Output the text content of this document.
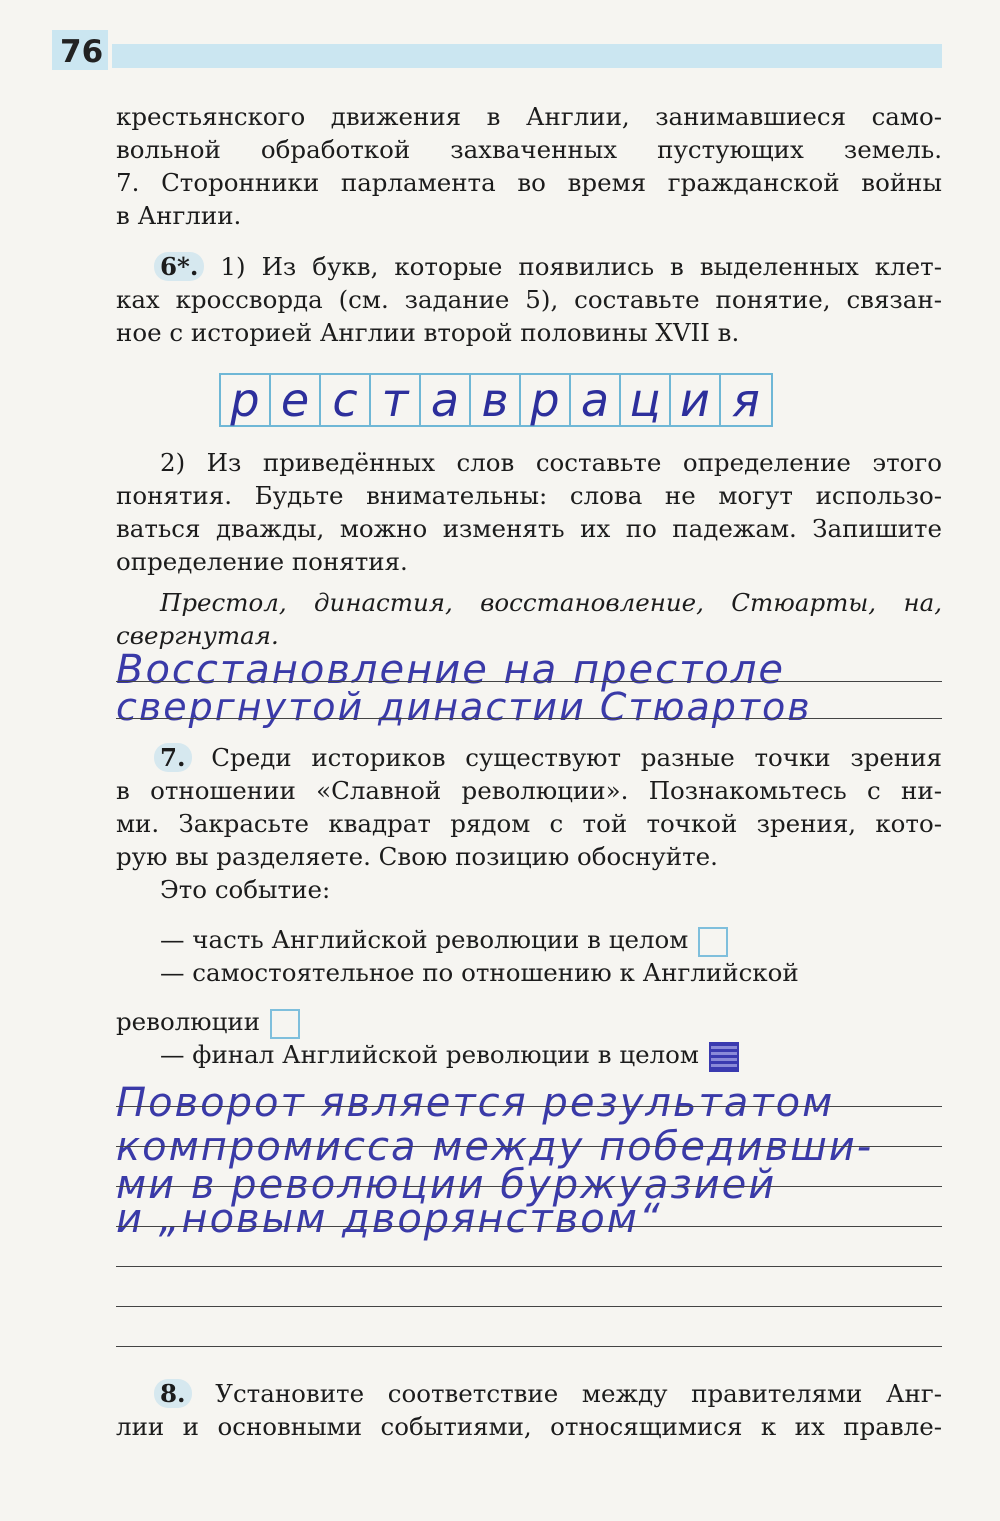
76
крестьянского движения в Англии, занимавшиеся само-
вольной обработкой захваченных пустующих земель.
7. Сторонники парламента во время гражданской войны
в Англии.
6*. 1) Из букв, которые появились в выделенных клет-
ках кроссворда (см. задание 5), составьте понятие, связан-
ное с историей Англии второй половины XVII в.
р е с т а в р а ц и я
2) Из приведённых слов составьте определение этого
понятия. Будьте внимательны: слова не могут использо-
ваться дважды, можно изменять их по падежам. Запишите
определение понятия.
Престол, династия, восстановление, Стюарты, на,
свергнутая.
Восстановление на престоле
свергнутой династии Стюартов
7. Среди историков существуют разные точки зрения
в отношении «Славной революции». Познакомьтесь с ни-
ми. Закрасьте квадрат рядом с той точкой зрения, кото-
рую вы разделяете. Свою позицию обоснуйте.
Это событие:
— часть Английской революции в целом
— самостоятельное по отношению к Английской
революции
— финал Английской революции в целом
Поворот является результатом
компромисса между победивши-
ми в революции буржуазией
и „новым дворянством“
8. Установите соответствие между правителями Анг-
лии и основными событиями, относящимися к их правле-
